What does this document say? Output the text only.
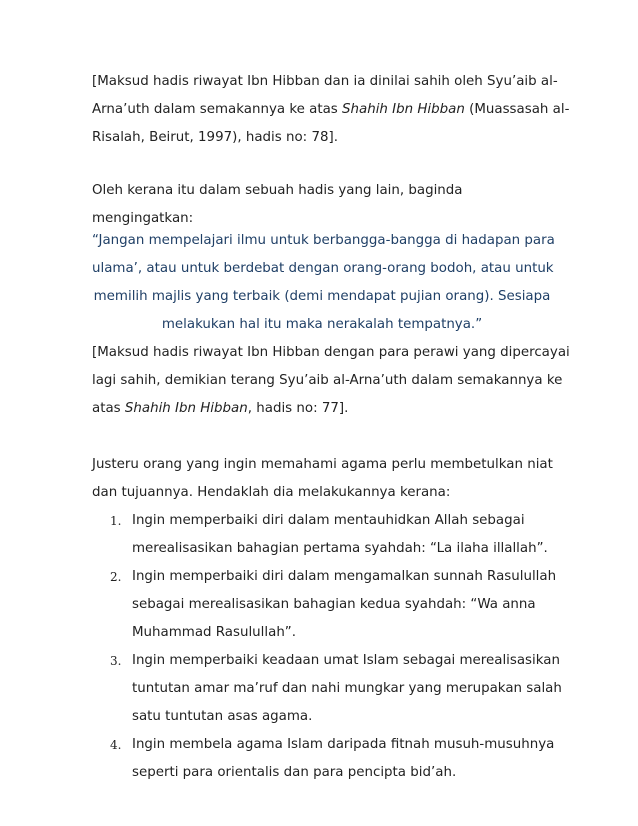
[Maksud hadis riwayat Ibn Hibban dan ia dinilai sahih oleh Syu’aib al-
Arna’uth dalam semakannya ke atas Shahih Ibn Hibban (Muassasah al-
Risalah, Beirut, 1997), hadis no: 78].

Oleh kerana itu dalam sebuah hadis yang lain, baginda mengingatkan:

“Jangan mempelajari ilmu untuk berbangga-bangga di hadapan para
ulama’, atau untuk berdebat dengan orang-orang bodoh, atau untuk
memilih majlis yang terbaik (demi mendapat pujian orang). Sesiapa
melakukan hal itu maka nerakalah tempatnya.”

[Maksud hadis riwayat Ibn Hibban dengan para perawi yang dipercayai
lagi sahih, demikian terang Syu’aib al-Arna’uth dalam semakannya ke
atas Shahih Ibn Hibban, hadis no: 77].

Justeru orang yang ingin memahami agama perlu membetulkan niat
dan tujuannya. Hendaklah dia melakukannya kerana:

1. Ingin memperbaiki diri dalam mentauhidkan Allah sebagai
merealisasikan bahagian pertama syahdah: “La ilaha illallah”.
2. Ingin memperbaiki diri dalam mengamalkan sunnah Rasulullah
sebagai merealisasikan bahagian kedua syahdah: “Wa anna
Muhammad Rasulullah”.
3. Ingin memperbaiki keadaan umat Islam sebagai merealisasikan
tuntutan amar ma’ruf dan nahi mungkar yang merupakan salah
satu tuntutan asas agama.
4. Ingin membela agama Islam daripada fitnah musuh-musuhnya
seperti para orientalis dan para pencipta bid’ah.
